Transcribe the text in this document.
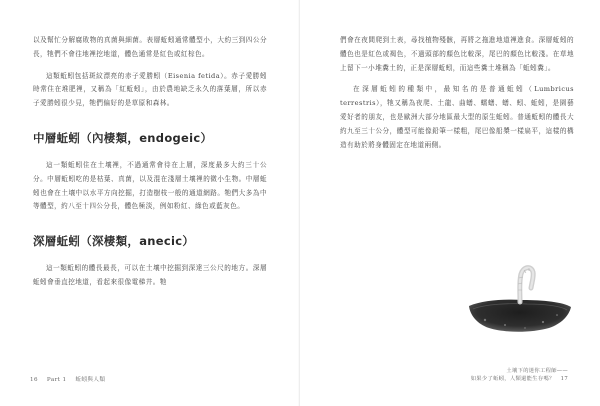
以及幫忙分解腐敗物的真菌與細菌。表層蚯蚓通常體型小，大約三到四公分長，牠們不會往地裡挖地道，體色通常是紅色或紅棕色。

這類蚯蚓包括斑紋漂亮的赤子愛勝蚓（Eisenia fetida）。赤子愛勝蚓時常住在堆肥裡，又稱為「紅蚯蚓」，由於農地缺乏永久的落葉層，所以赤子愛勝蚓很少見，牠們偏好的是草原和森林。

中層蚯蚓（內棲類，endogeic）

這一類蚯蚓住在土壤裡，不過通常會待在上層，深度最多大約三十公分。中層蚯蚓吃的是枯葉、真菌，以及混在淺層土壤裡的微小生物。中層蚯蚓也會在土壤中以水平方向挖掘，打造樹枝一般的通道網路。牠們大多為中等體型，約八至十四公分長，體色極淡，例如粉紅、綠色或藍灰色。

深層蚯蚓（深棲類，anecic）

這一類蚯蚓的體長最長，可以在土壤中挖掘到深達三公尺的地方。深層蚯蚓會垂直挖地道，看起來很像電梯井。牠

16 Part 1 蚯蚓與人類

們會在夜間爬到土表，尋找植物殘骸，再將之拖進地道裡進食。深層蚯蚓的體色也是紅色或褐色，不過頭部的顏色比較深，尾巴的顏色比較淺。在草地上留下一小堆糞土的，正是深層蚯蚓，而這些糞土堆稱為「蚯蚓糞」。

在深層蚯蚓的種類中，最知名的是普通蚯蚓（Lumbricus terrestris），牠又稱為夜爬、土龍、曲蟮、蠕蟮、蟮、蚓、蚯蚓，是園藝愛好者的朋友，也是歐洲大部分地區最大型的原生蚯蚓。普通蚯蚓的體長大約九至三十公分，體型可能像鉛筆一樣粗，尾巴像船槳一樣扁平，這樣的構造有助於將身體固定在地道兩側。

土壤下的迷你工程師——
如果少了蚯蚓，人類還能生存嗎？ 17
